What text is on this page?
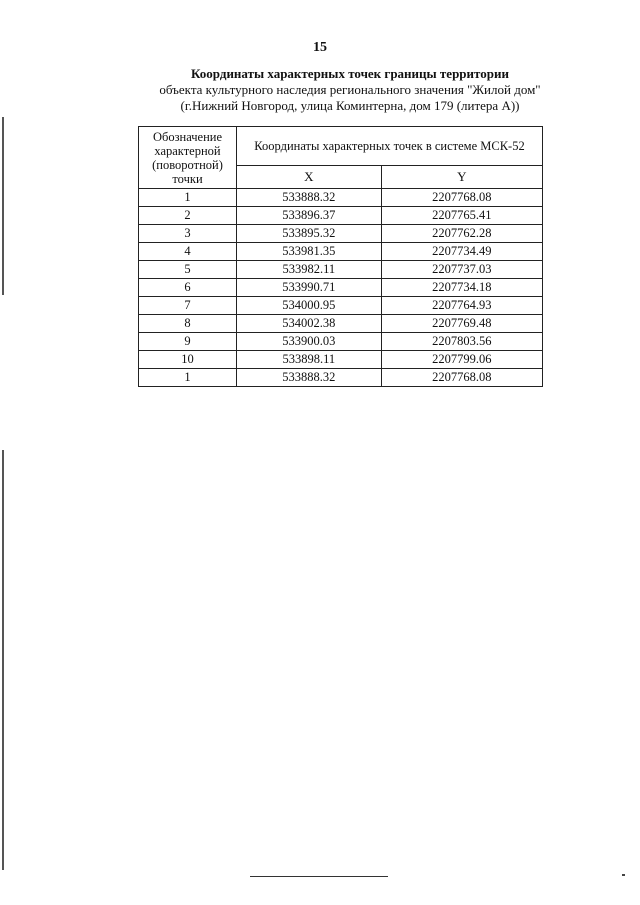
15
Координаты характерных точек границы территории
объекта культурного наследия регионального значения "Жилой дом"
(г.Нижний Новгород, улица Коминтерна, дом 179 (литера А))
Обозначение характерной (поворотной) точки	Координаты характерных точек в системе МСК-52	
	X	Y
1	533888.32	2207768.08
2	533896.37	2207765.41
3	533895.32	2207762.28
4	533981.35	2207734.49
5	533982.11	2207737.03
6	533990.71	2207734.18
7	534000.95	2207764.93
8	534002.38	2207769.48
9	533900.03	2207803.56
10	533898.11	2207799.06
1	533888.32	2207768.08
